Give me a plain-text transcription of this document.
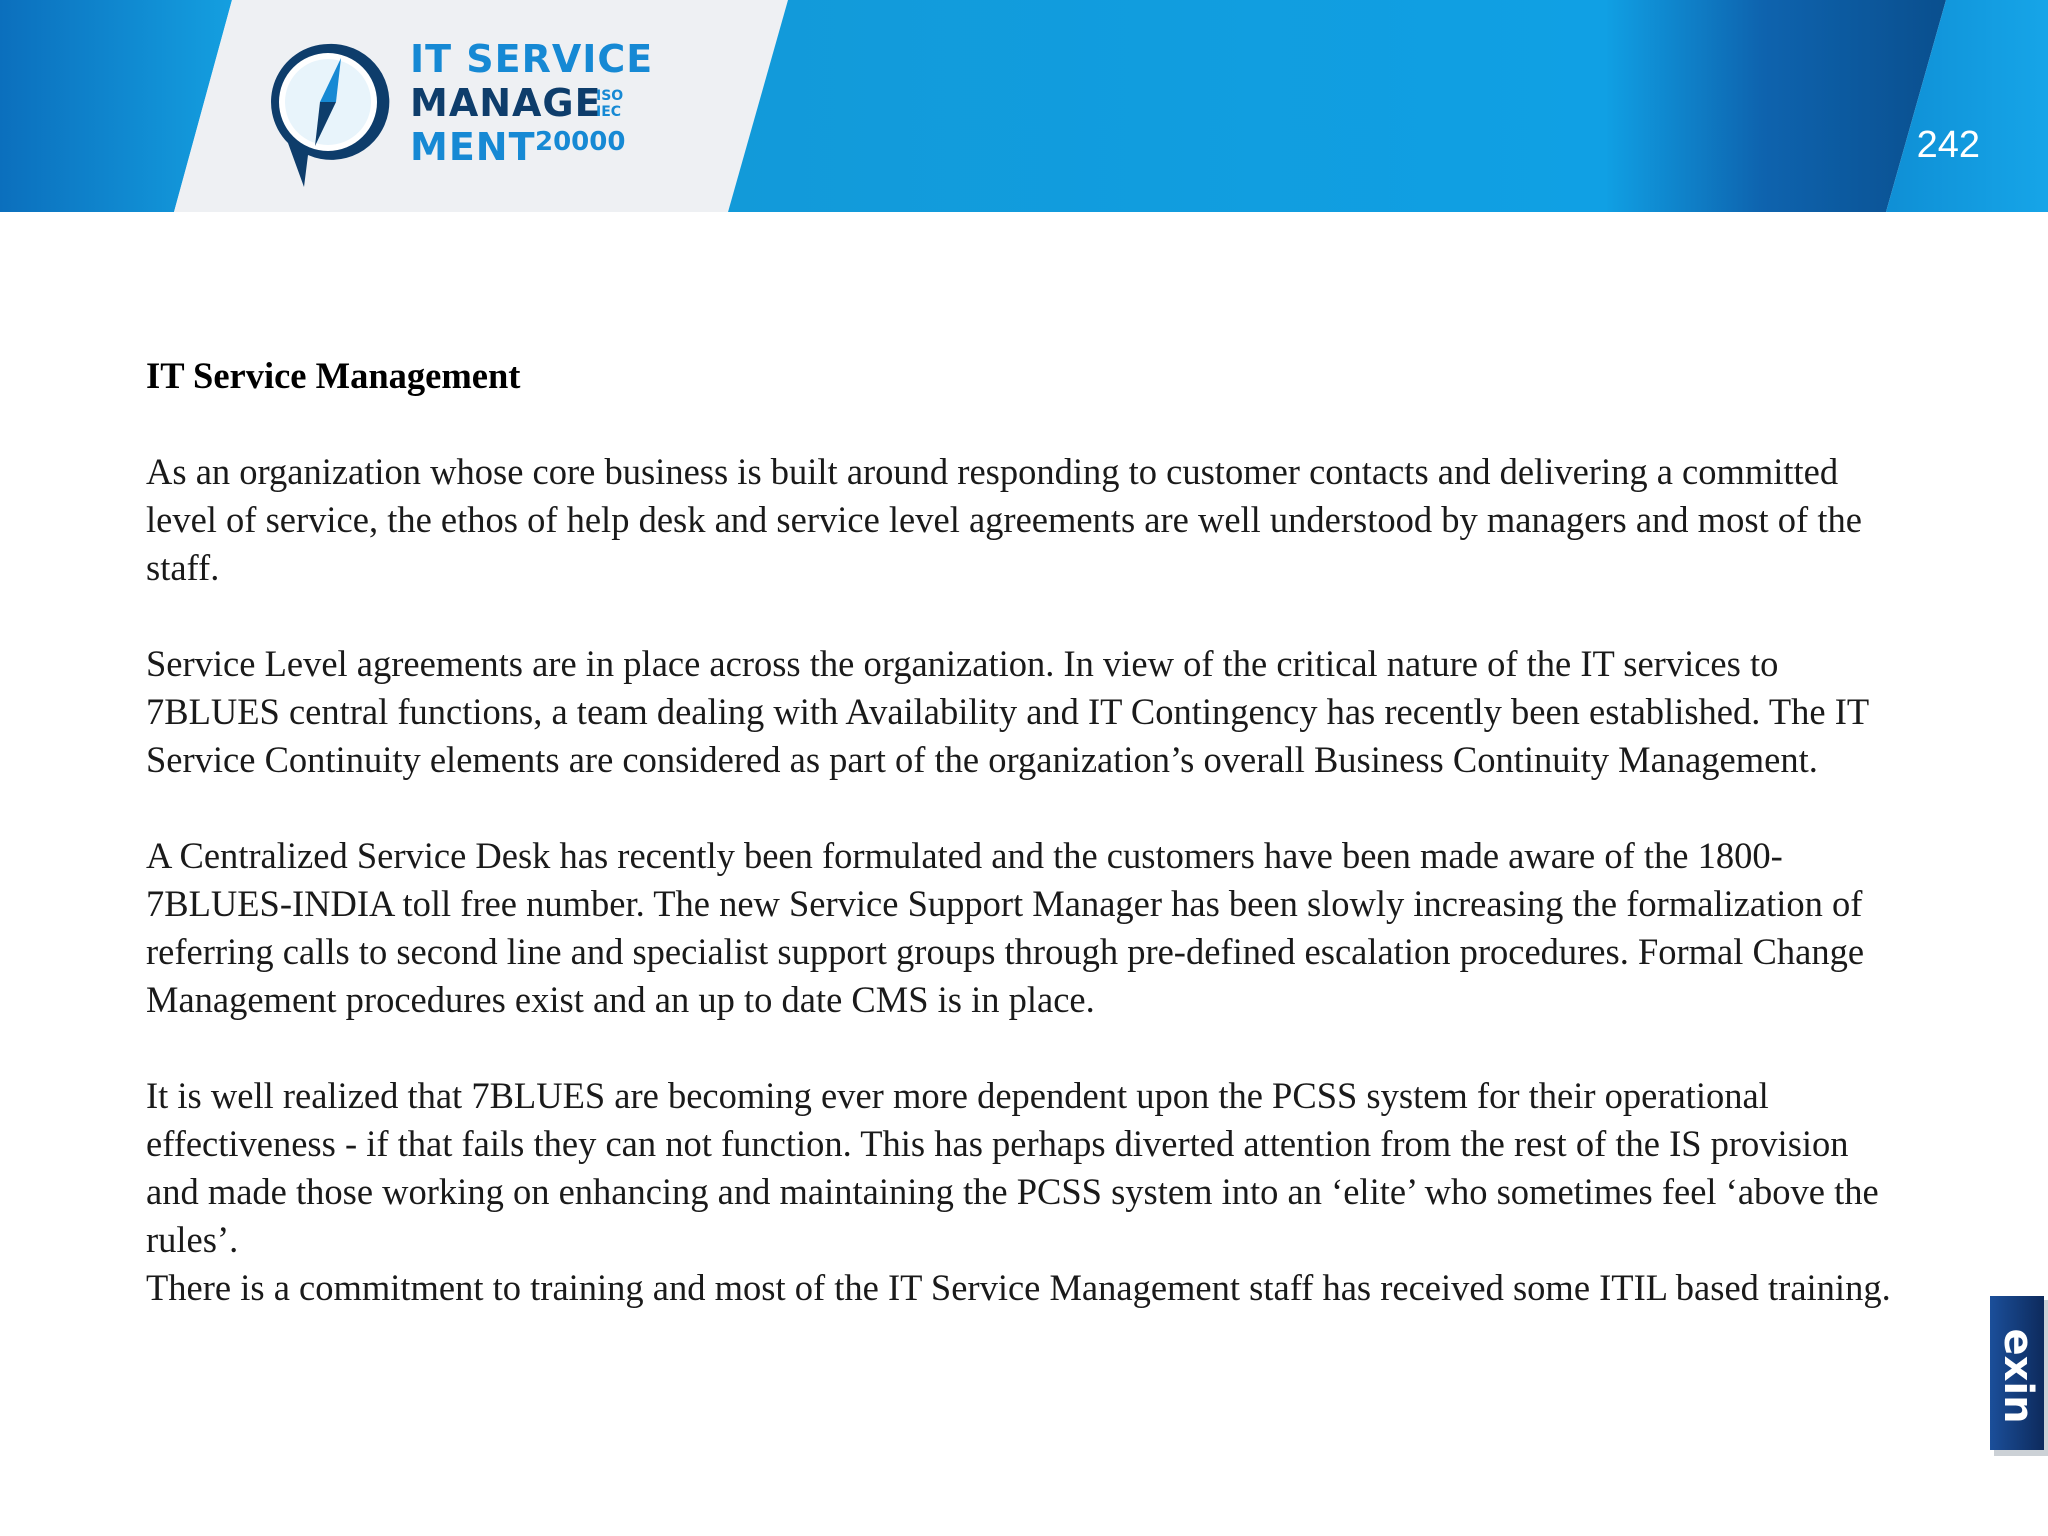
IT SERVICE
MANAGE
ISO
IEC
MENT 20000	242
IT Service Management

As an organization whose core business is built around responding to customer contacts and delivering a committed level of service, the ethos of help desk and service level agreements are well understood by managers and most of the staff.

Service Level agreements are in place across the organization. In view of the critical nature of the IT services to 7BLUES central functions, a team dealing with Availability and IT Contingency has recently been established. The IT Service Continuity elements are considered as part of the organization’s overall Business Continuity Management.

A Centralized Service Desk has recently been formulated and the customers have been made aware of the 1800-7BLUES-INDIA toll free number. The new Service Support Manager has been slowly increasing the formalization of referring calls to second line and specialist support groups through pre-defined escalation procedures. Formal Change Management procedures exist and an up to date CMS is in place.

It is well realized that 7BLUES are becoming ever more dependent upon the PCSS system for their operational effectiveness - if that fails they can not function. This has perhaps diverted attention from the rest of the IS provision and made those working on enhancing and maintaining the PCSS system into an ‘elite’ who sometimes feel ‘above the rules’.

There is a commitment to training and most of the IT Service Management staff has received some ITIL based training.

exin
